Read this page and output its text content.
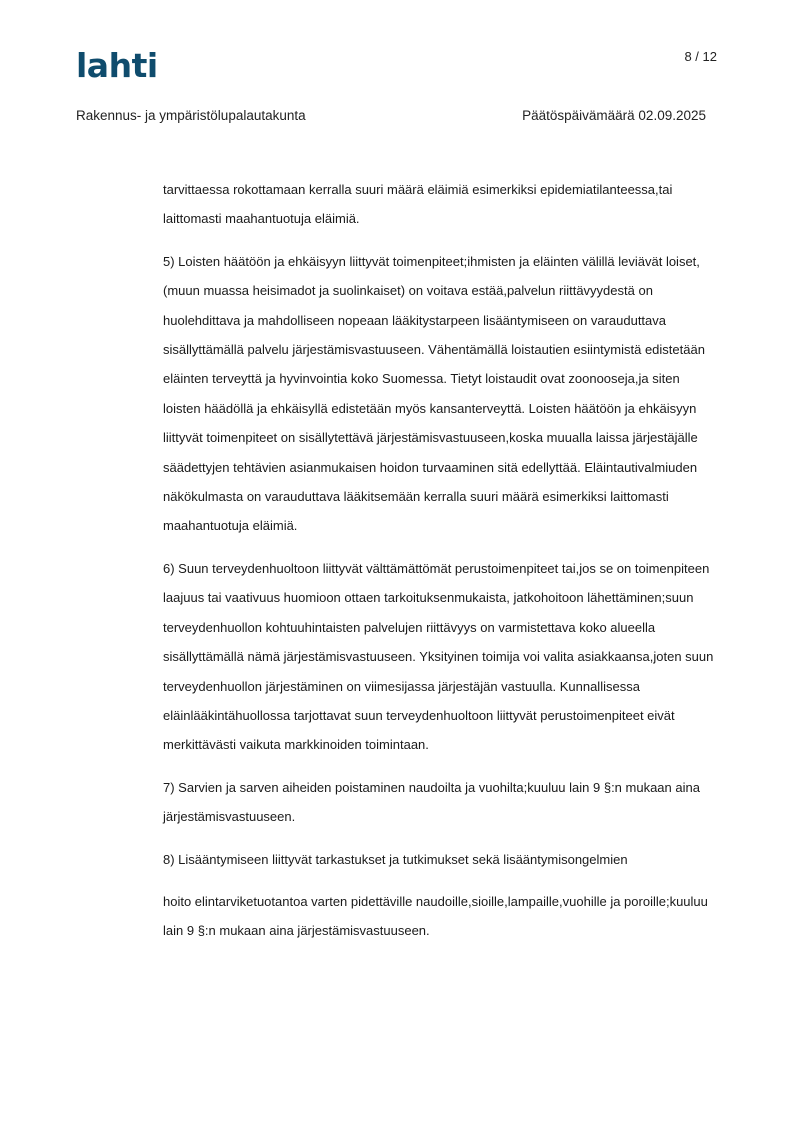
lahti	8 / 12
Rakennus- ja ympäristölupalautakunta	Päätöspäivämäärä 02.09.2025

tarvittaessa rokottamaan kerralla suuri määrä eläimiä esimerkiksi epidemiatilanteessa,tai laittomasti maahantuotuja eläimiä.

5) Loisten häätöön ja ehkäisyyn liittyvät toimenpiteet;ihmisten ja eläinten välillä leviävät loiset,(muun muassa heisimadot ja suolinkaiset) on voitava estää,palvelun riittävyydestä on huolehdittava ja mahdolliseen nopeaan lääkitystarpeen lisääntymiseen on varauduttava sisällyttämällä palvelu järjestämisvastuuseen. Vähentämällä loistautien esiintymistä edistetään eläinten terveyttä ja hyvinvointia koko Suomessa. Tietyt loistaudit ovat zoonooseja,ja siten loisten häädöllä ja ehkäisyllä edistetään myös kansanterveyttä. Loisten häätöön ja ehkäisyyn liittyvät toimenpiteet on sisällytettävä järjestämisvastuuseen,koska muualla laissa järjestäjälle säädettyjen tehtävien asianmukaisen hoidon turvaaminen sitä edellyttää. Eläintautivalmiuden näkökulmasta on varauduttava lääkitsemään kerralla suuri määrä esimerkiksi laittomasti maahantuotuja eläimiä.

6) Suun terveydenhuoltoon liittyvät välttämättömät perustoimenpiteet tai,jos se on toimenpiteen laajuus tai vaativuus huomioon ottaen tarkoituksenmukaista, jatkohoitoon lähettäminen;suun terveydenhuollon kohtuuhintaisten palvelujen riittävyys on varmistettava koko alueella sisällyttämällä nämä järjestämisvastuuseen. Yksityinen toimija voi valita asiakkaansa,joten suun terveydenhuollon järjestäminen on viimesijassa järjestäjän vastuulla. Kunnallisessa eläinlääkintähuollossa tarjottavat suun terveydenhuoltoon liittyvät perustoimenpiteet eivät merkittävästi vaikuta markkinoiden toimintaan.

7) Sarvien ja sarven aiheiden poistaminen naudoilta ja vuohilta;kuuluu lain 9 §:n mukaan aina järjestämisvastuuseen.

8) Lisääntymiseen liittyvät tarkastukset ja tutkimukset sekä lisääntymisongelmien

hoito elintarviketuotantoa varten pidettäville naudoille,sioille,lampaille,vuohille ja poroille;kuuluu lain 9 §:n mukaan aina järjestämisvastuuseen.
